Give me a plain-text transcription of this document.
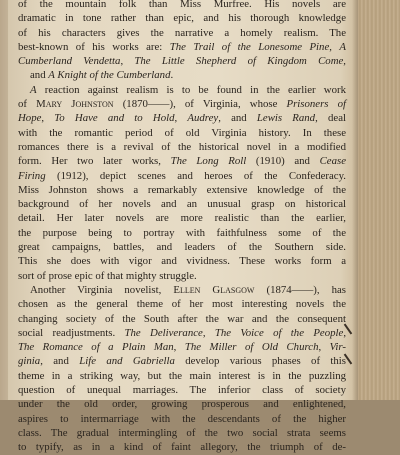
of the mountain folk than Miss Murfree. His novels are
dramatic in tone rather than epic, and his thorough knowledge
of his characters gives the narrative a homely realism. The
best-known of his works are: The Trail of the Lonesome Pine, A
Cumberland Vendetta, The Little Shepherd of Kingdom Come,
and A Knight of the Cumberland.
A reaction against realism is to be found in the earlier work
of Mary Johnston (1870——), of Virginia, whose Prisoners of
Hope, To Have and to Hold, Audrey, and Lewis Rand, deal
with the romantic period of old Virginia history. In these
romances there is a revival of the historical novel in a modified
form. Her two later works, The Long Roll (1910) and Cease
Firing (1912), depict scenes and heroes of the Confederacy.
Miss Johnston shows a remarkably extensive knowledge of the
background of her novels and an unusual grasp on historical
detail. Her later novels are more realistic than the earlier,
the purpose being to portray with faithfulness some of the
great campaigns, battles, and leaders of the Southern side.
This she does with vigor and vividness. These works form a
sort of prose epic of that mighty struggle.
Another Virginia novelist, Ellen Glasgow (1874——), has
chosen as the general theme of her most interesting novels the
changing society of the South after the war and the consequent
social readjustments. The Deliverance, The Voice of the People,
The Romance of a Plain Man, The Miller of Old Church, Vir-
ginia, and Life and Gabriella develop various phases of this
theme in a striking way, but the main interest is in the puzzling
question of unequal marriages. The inferior class of society
under the old order, growing prosperous and enlightened,
aspires to intermarriage with the descendants of the higher
class. The gradual intermingling of the two social strata seems
to typify, as in a kind of faint allegory, the triumph of de-
